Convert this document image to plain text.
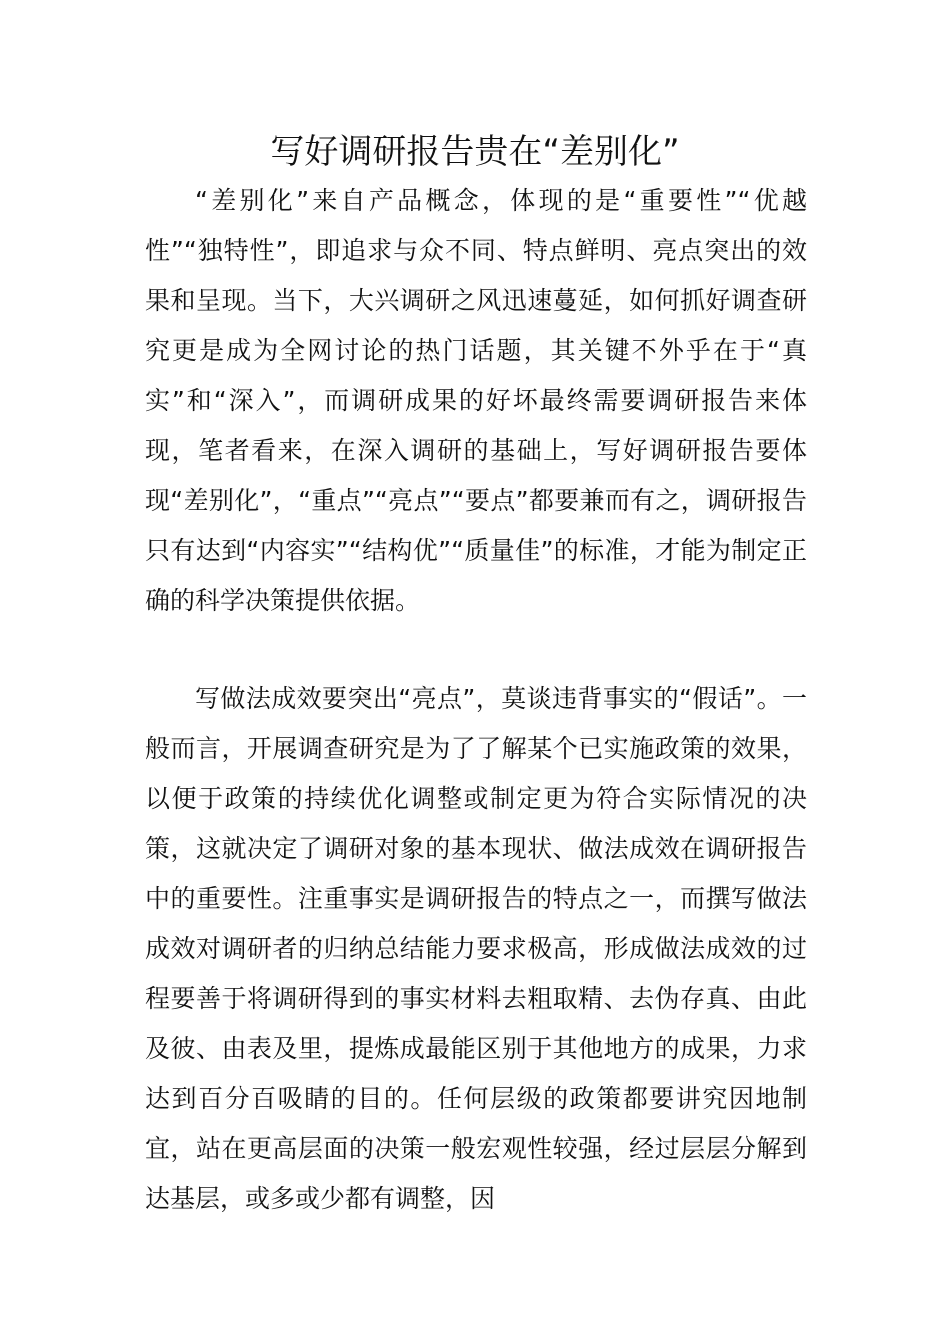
写好调研报告贵在“差别化”

“差别化”来自产品概念，体现的是“重要性”“优越性”“独特性”，即追求与众不同、特点鲜明、亮点突出的效果和呈现。当下，大兴调研之风迅速蔓延，如何抓好调查研究更是成为全网讨论的热门话题，其关键不外乎在于“真实”和“深入”，而调研成果的好坏最终需要调研报告来体现，笔者看来，在深入调研的基础上，写好调研报告要体现“差别化”，“重点”“亮点”“要点”都要兼而有之，调研报告只有达到“内容实”“结构优”“质量佳”的标准，才能为制定正确的科学决策提供依据。

写做法成效要突出“亮点”，莫谈违背事实的“假话”。一般而言，开展调查研究是为了了解某个已实施政策的效果，以便于政策的持续优化调整或制定更为符合实际情况的决策，这就决定了调研对象的基本现状、做法成效在调研报告中的重要性。注重事实是调研报告的特点之一，而撰写做法成效对调研者的归纳总结能力要求极高，形成做法成效的过程要善于将调研得到的事实材料去粗取精、去伪存真、由此及彼、由表及里，提炼成最能区别于其他地方的成果，力求达到百分百吸睛的目的。任何层级的政策都要讲究因地制宜，站在更高层面的决策一般宏观性较强，经过层层分解到达基层，或多或少都有调整，因
